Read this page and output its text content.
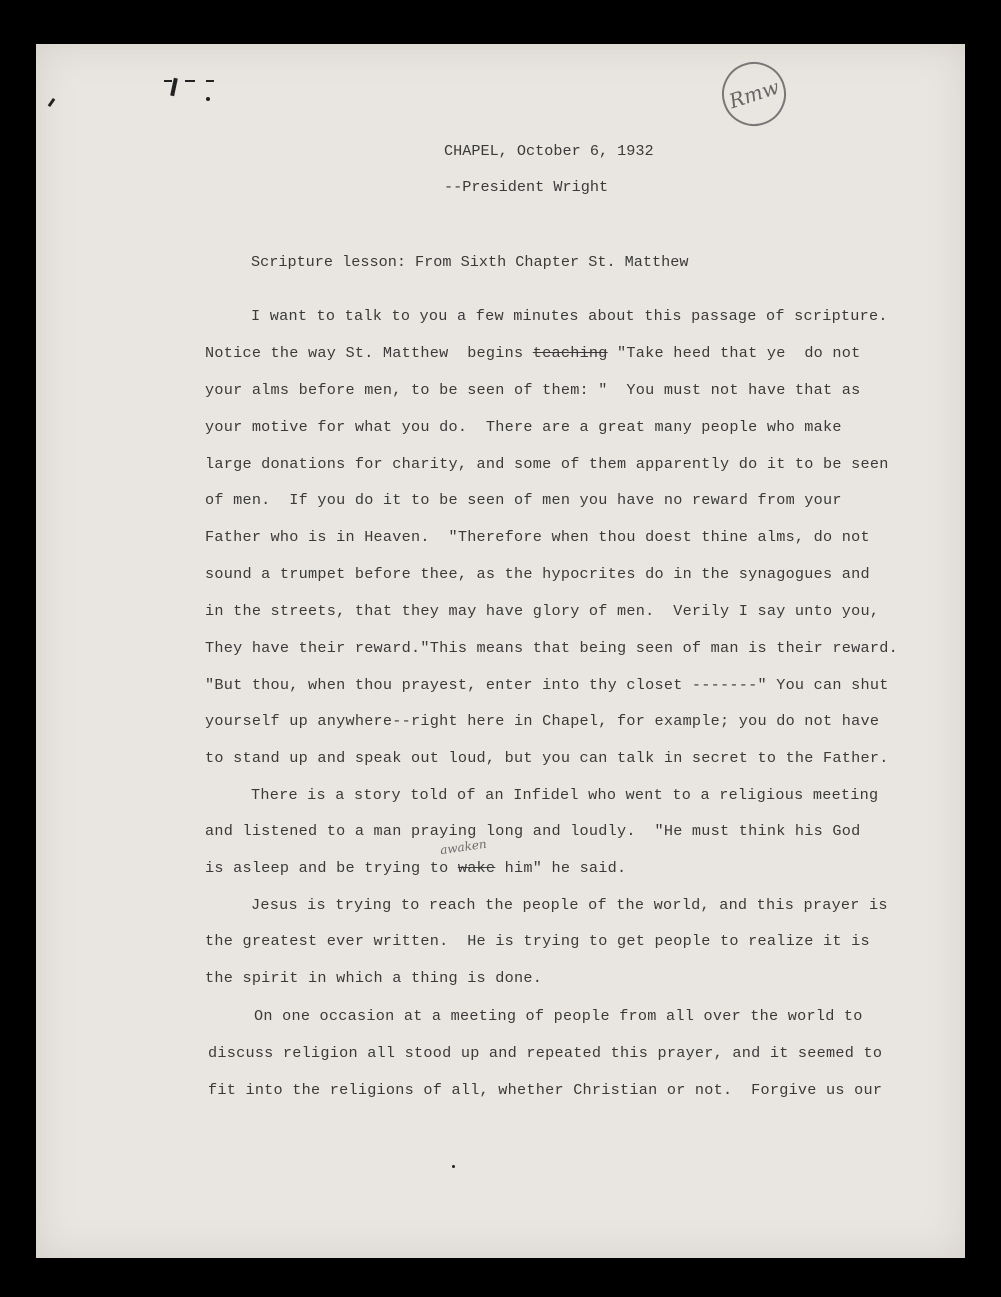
Rmw
CHAPEL, October 6, 1932
--President Wright
Scripture lesson: From Sixth Chapter St. Matthew
I want to talk to you a few minutes about this passage of scripture.
Notice the way St. Matthew  begins teaching "Take heed that ye  do not
your alms before men, to be seen of them: "  You must not have that as
your motive for what you do.  There are a great many people who make
large donations for charity, and some of them apparently do it to be seen
of men.  If you do it to be seen of men you have no reward from your
Father who is in Heaven.  "Therefore when thou doest thine alms, do not
sound a trumpet before thee, as the hypocrites do in the synagogues and
in the streets, that they may have glory of men.  Verily I say unto you,
They have their reward."This means that being seen of man is their reward.
"But thou, when thou prayest, enter into thy closet -------" You can shut
yourself up anywhere--right here in Chapel, for example; you do not have
to stand up and speak out loud, but you can talk in secret to the Father.
There is a story told of an Infidel who went to a religious meeting
and listened to a man praying long and loudly.  "He must think his God
is asleep and be trying to wake him" he said.
awaken
Jesus is trying to reach the people of the world, and this prayer is
the greatest ever written.  He is trying to get people to realize it is
the spirit in which a thing is done.
On one occasion at a meeting of people from all over the world to
discuss religion all stood up and repeated this prayer, and it seemed to
fit into the religions of all, whether Christian or not.  Forgive us our
